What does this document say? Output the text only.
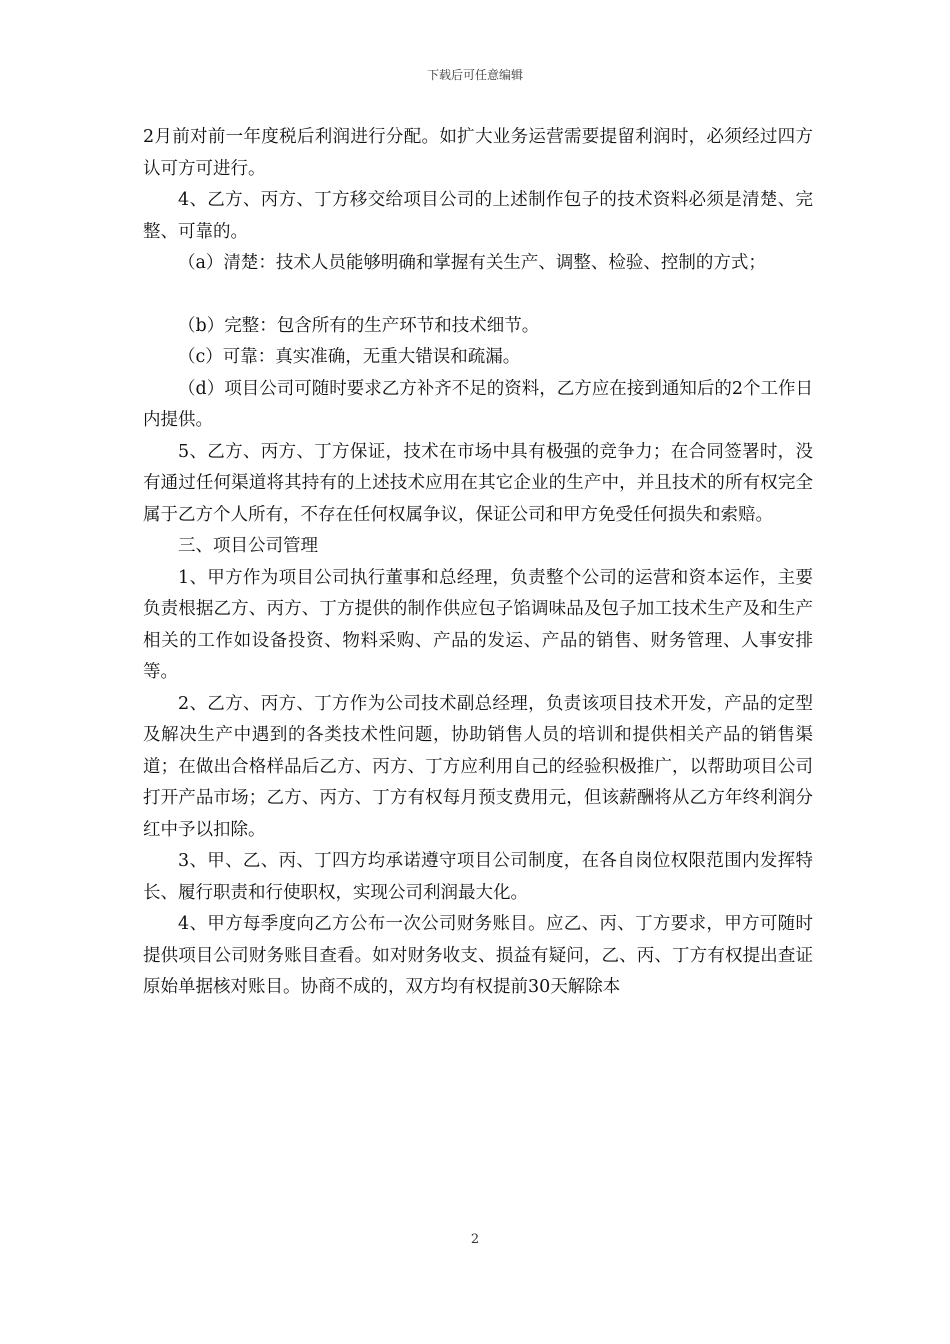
下载后可任意编辑

2月前对前一年度税后利润进行分配。如扩大业务运营需要提留利润时，必须经过四方认可方可进行。

4、乙方、丙方、丁方移交给项目公司的上述制作包子的技术资料必须是清楚、完整、可靠的。

（a）清楚：技术人员能够明确和掌握有关生产、调整、检验、控制的方式；

（b）完整：包含所有的生产环节和技术细节。

（c）可靠：真实准确，无重大错误和疏漏。

（d）项目公司可随时要求乙方补齐不足的资料，乙方应在接到通知后的2个工作日内提供。

5、乙方、丙方、丁方保证，技术在市场中具有极强的竞争力；在合同签署时，没有通过任何渠道将其持有的上述技术应用在其它企业的生产中，并且技术的所有权完全属于乙方个人所有，不存在任何权属争议，保证公司和甲方免受任何损失和索赔。

三、项目公司管理

1、甲方作为项目公司执行董事和总经理，负责整个公司的运营和资本运作，主要负责根据乙方、丙方、丁方提供的制作供应包子馅调味品及包子加工技术生产及和生产相关的工作如设备投资、物料采购、产品的发运、产品的销售、财务管理、人事安排等。

2、乙方、丙方、丁方作为公司技术副总经理，负责该项目技术开发，产品的定型及解决生产中遇到的各类技术性问题，协助销售人员的培训和提供相关产品的销售渠道；在做出合格样品后乙方、丙方、丁方应利用自己的经验积极推广，以帮助项目公司打开产品市场；乙方、丙方、丁方有权每月预支费用元，但该薪酬将从乙方年终利润分红中予以扣除。

3、甲、乙、丙、丁四方均承诺遵守项目公司制度，在各自岗位权限范围内发挥特长、履行职责和行使职权，实现公司利润最大化。

4、甲方每季度向乙方公布一次公司财务账目。应乙、丙、丁方要求，甲方可随时提供项目公司财务账目查看。如对财务收支、损益有疑问，乙、丙、丁方有权提出查证原始单据核对账目。协商不成的，双方均有权提前30天解除本

2
